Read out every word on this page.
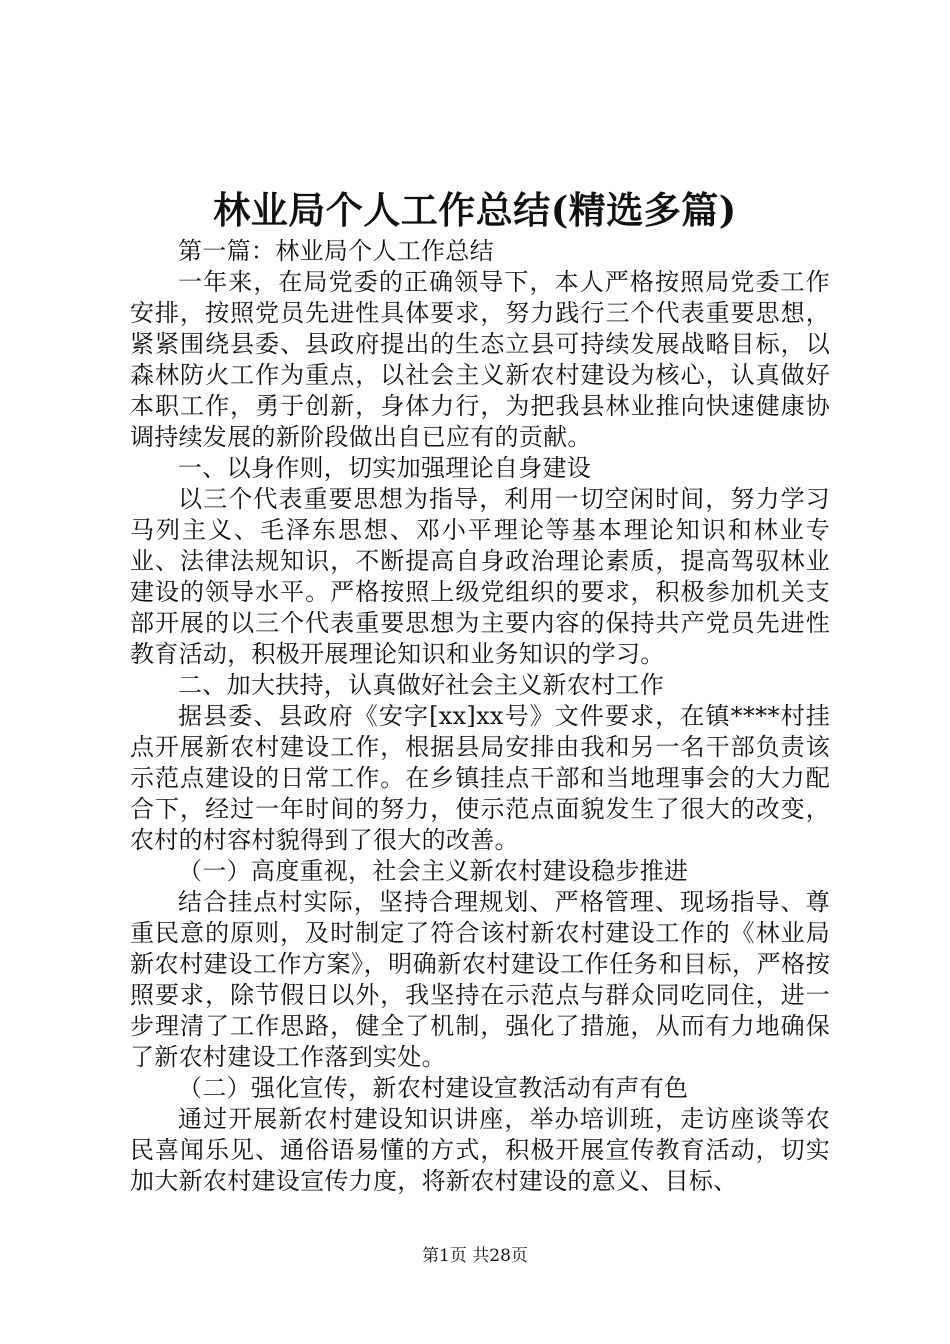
林业局个人工作总结(精选多篇)

第一篇：林业局个人工作总结

一年来，在局党委的正确领导下，本人严格按照局党委工作安排，按照党员先进性具体要求，努力践行三个代表重要思想，紧紧围绕县委、县政府提出的生态立县可持续发展战略目标，以森林防火工作为重点，以社会主义新农村建设为核心，认真做好本职工作，勇于创新，身体力行，为把我县林业推向快速健康协调持续发展的新阶段做出自已应有的贡献。

一、以身作则，切实加强理论自身建设

以三个代表重要思想为指导，利用一切空闲时间，努力学习马列主义、毛泽东思想、邓小平理论等基本理论知识和林业专业、法律法规知识，不断提高自身政治理论素质，提高驾驭林业建设的领导水平。严格按照上级党组织的要求，积极参加机关支部开展的以三个代表重要思想为主要内容的保持共产党员先进性教育活动，积极开展理论知识和业务知识的学习。

二、加大扶持，认真做好社会主义新农村工作

据县委、县政府《安字[xx]xx号》文件要求，在镇****村挂点开展新农村建设工作，根据县局安排由我和另一名干部负责该示范点建设的日常工作。在乡镇挂点干部和当地理事会的大力配合下，经过一年时间的努力，使示范点面貌发生了很大的改变，农村的村容村貌得到了很大的改善。

（一）高度重视，社会主义新农村建设稳步推进

结合挂点村实际，坚持合理规划、严格管理、现场指导、尊重民意的原则，及时制定了符合该村新农村建设工作的《林业局新农村建设工作方案》，明确新农村建设工作任务和目标，严格按照要求，除节假日以外，我坚持在示范点与群众同吃同住，进一步理清了工作思路，健全了机制，强化了措施，从而有力地确保了新农村建设工作落到实处。

（二）强化宣传，新农村建设宣教活动有声有色

通过开展新农村建设知识讲座，举办培训班，走访座谈等农民喜闻乐见、通俗语易懂的方式，积极开展宣传教育活动，切实加大新农村建设宣传力度，将新农村建设的意义、目标、

第1页 共28页
